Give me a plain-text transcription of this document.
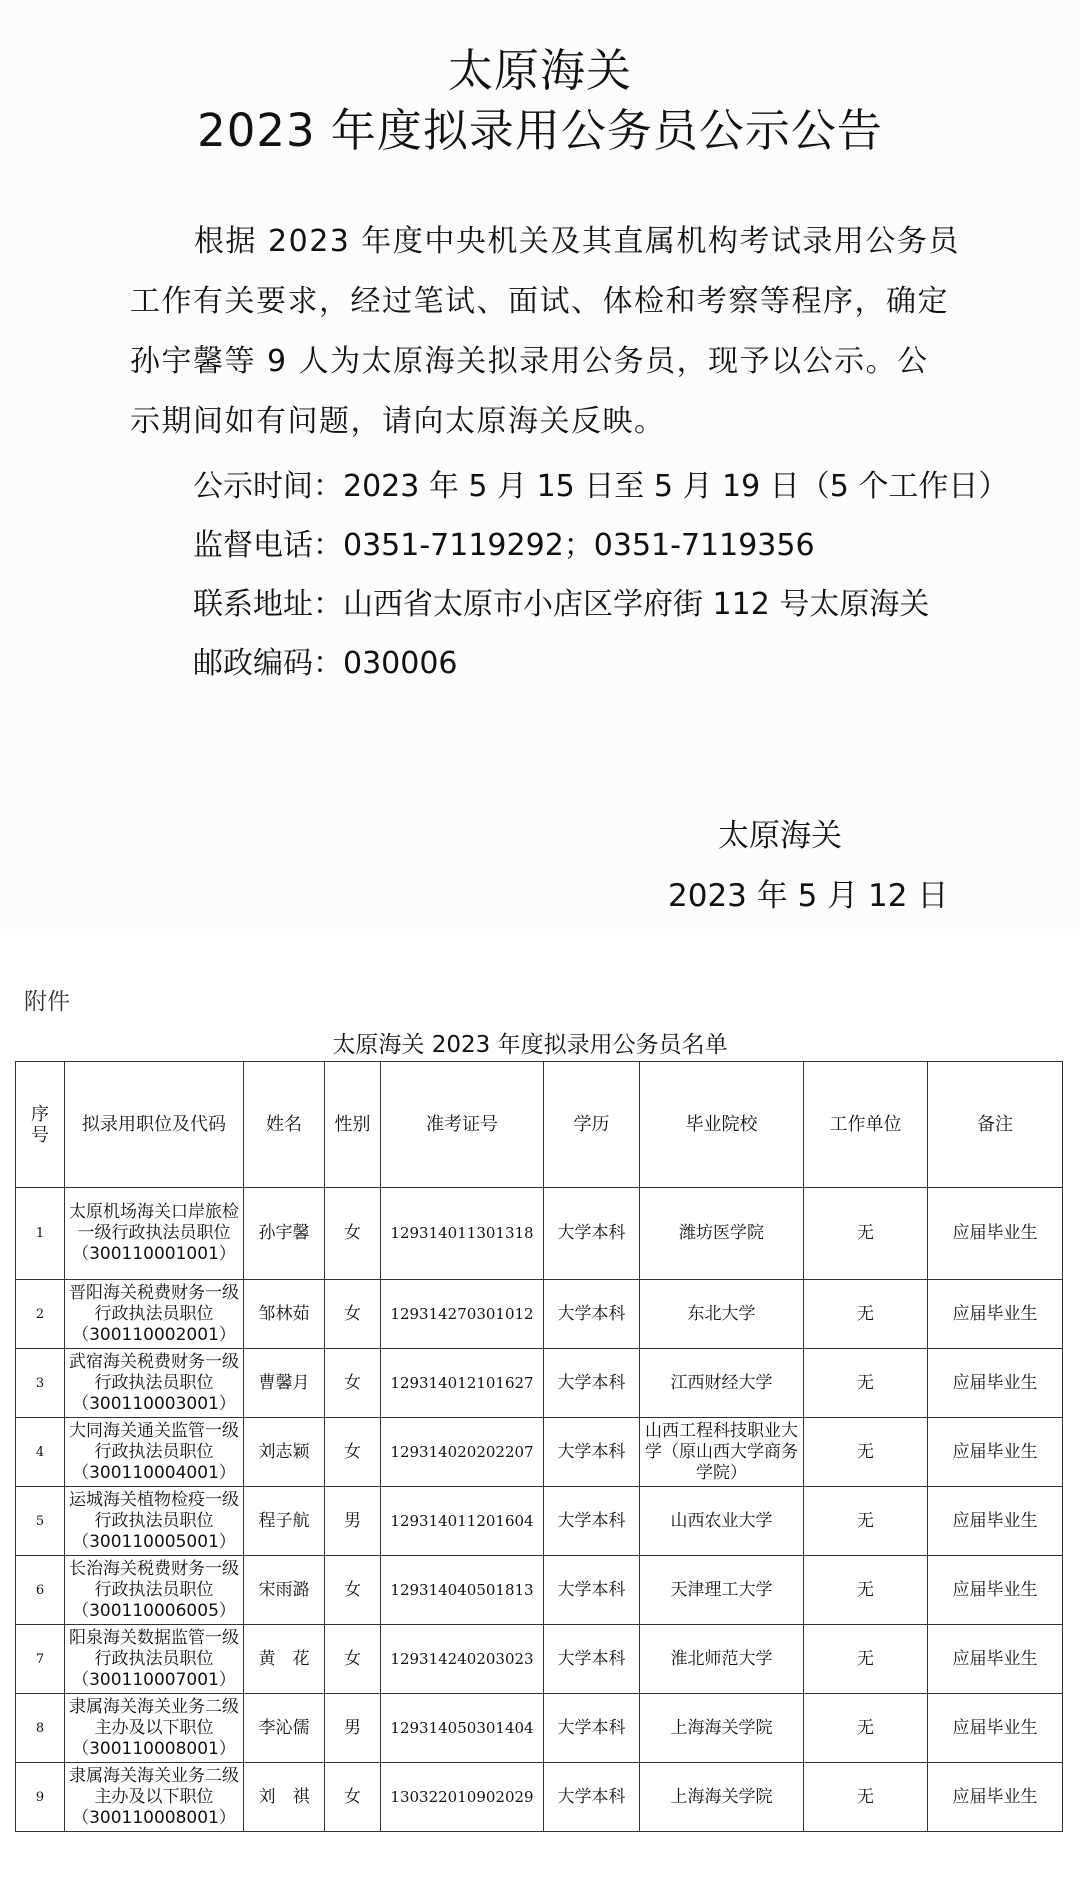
太原海关
2023 年度拟录用公务员公示公告
根据 2023 年度中央机关及其直属机构考试录用公务员工作有关要求，经过笔试、面试、体检和考察等程序，确定孙宇馨等 9 人为太原海关拟录用公务员，现予以公示。公示期间如有问题，请向太原海关反映。
公示时间：2023 年 5 月 15 日至 5 月 19 日（5 个工作日）
监督电话：0351-7119292；0351-7119356
联系地址：山西省太原市小店区学府街 112 号太原海关
邮政编码：030006
太原海关
2023 年 5 月 12 日
附件
太原海关 2023 年度拟录用公务员名单
序号	拟录用职位及代码	姓名	性别	准考证号	学历	毕业院校	工作单位	备注
1	太原机场海关口岸旅检一级行政执法员职位（300110001001）	孙宇馨	女	129314011301318	大学本科	潍坊医学院	无	应届毕业生
2	晋阳海关税费财务一级行政执法员职位（300110002001）	邹林茹	女	129314270301012	大学本科	东北大学	无	应届毕业生
3	武宿海关税费财务一级行政执法员职位（300110003001）	曹馨月	女	129314012101627	大学本科	江西财经大学	无	应届毕业生
4	大同海关通关监管一级行政执法员职位（300110004001）	刘志颖	女	129314020202207	大学本科	山西工程科技职业大学（原山西大学商务学院）	无	应届毕业生
5	运城海关植物检疫一级行政执法员职位（300110005001）	程子航	男	129314011201604	大学本科	山西农业大学	无	应届毕业生
6	长治海关税费财务一级行政执法员职位（300110006005）	宋雨潞	女	129314040501813	大学本科	天津理工大学	无	应届毕业生
7	阳泉海关数据监管一级行政执法员职位（300110007001）	黄　花	女	129314240203023	大学本科	淮北师范大学	无	应届毕业生
8	隶属海关海关业务二级主办及以下职位（300110008001）	李沁儒	男	129314050301404	大学本科	上海海关学院	无	应届毕业生
9	隶属海关海关业务二级主办及以下职位（300110008001）	刘　祺	女	130322010902029	大学本科	上海海关学院	无	应届毕业生
